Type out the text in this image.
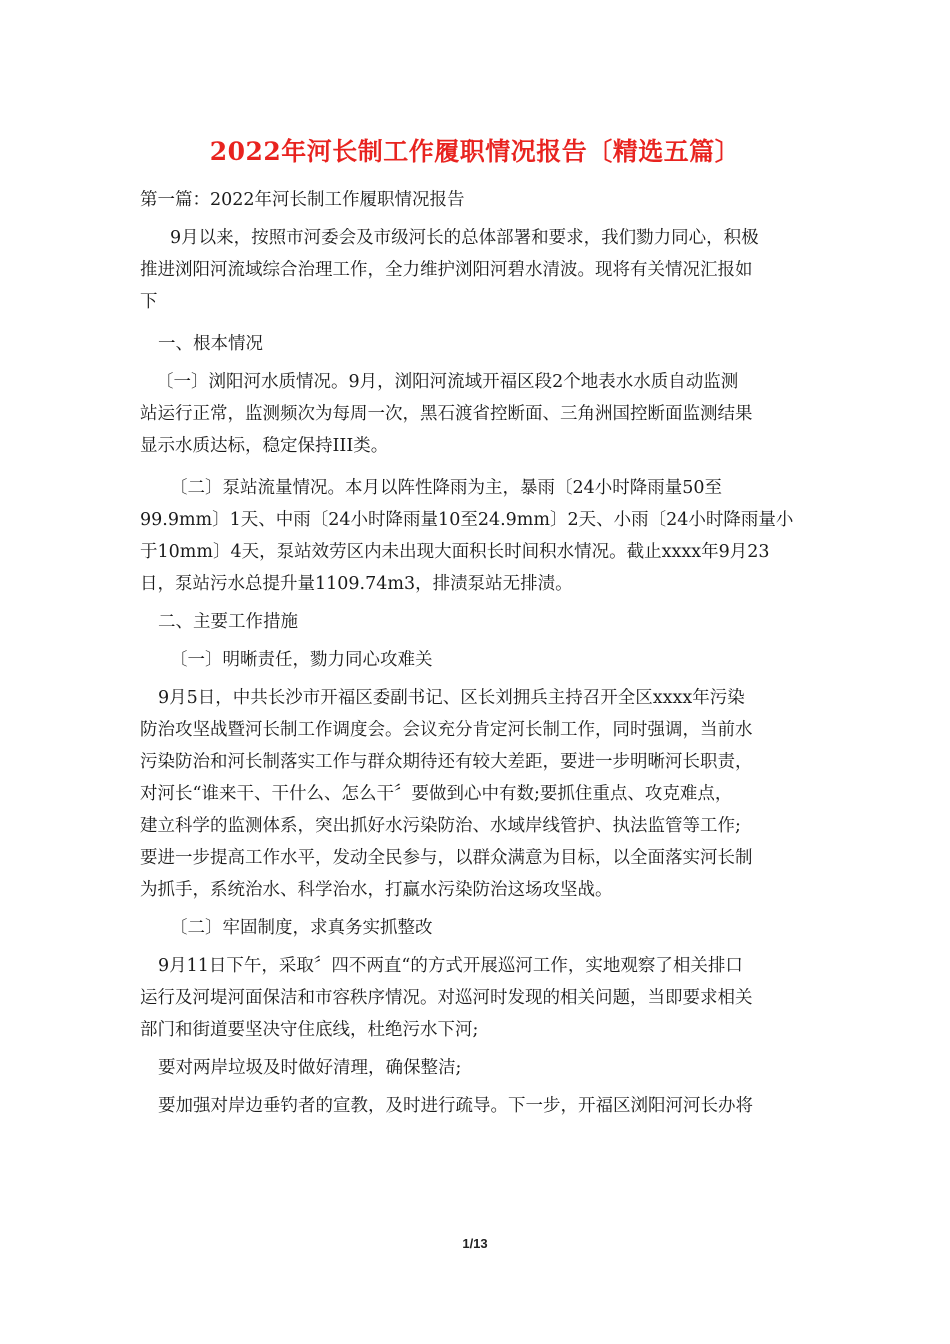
2022年河长制工作履职情况报告〔精选五篇〕
第一篇：2022年河长制工作履职情况报告
9月以来，按照市河委会及市级河长的总体部署和要求，我们勠力同心，积极
推进浏阳河流域综合治理工作，全力维护浏阳河碧水清波。现将有关情况汇报如
下
一、根本情况
〔一〕浏阳河水质情况。9月，浏阳河流域开福区段2个地表水水质自动监测
站运行正常，监测频次为每周一次，黑石渡省控断面、三角洲国控断面监测结果
显示水质达标，稳定保持III类。
〔二〕泵站流量情况。本月以阵性降雨为主，暴雨〔24小时降雨量50至
99.9mm〕1天、中雨〔24小时降雨量10至24.9mm〕2天、小雨〔24小时降雨量小
于10mm〕4天，泵站效劳区内未出现大面积长时间积水情况。截止xxxx年9月23
日，泵站污水总提升量1109.74m3，排渍泵站无排渍。
二、主要工作措施
〔一〕明晰责任，勠力同心攻难关
9月5日，中共长沙市开福区委副书记、区长刘拥兵主持召开全区xxxx年污染
防治攻坚战暨河长制工作调度会。会议充分肯定河长制工作，同时强调，当前水
污染防治和河长制落实工作与群众期待还有较大差距，要进一步明晰河长职责，
对河长“谁来干、干什么、怎么干〞要做到心中有数;要抓住重点、攻克难点，
建立科学的监测体系，突出抓好水污染防治、水域岸线管护、执法监管等工作;
要进一步提高工作水平，发动全民参与，以群众满意为目标，以全面落实河长制
为抓手，系统治水、科学治水，打赢水污染防治这场攻坚战。
〔二〕牢固制度，求真务实抓整改
9月11日下午，采取〞四不两直“的方式开展巡河工作，实地观察了相关排口
运行及河堤河面保洁和市容秩序情况。对巡河时发现的相关问题，当即要求相关
部门和街道要坚决守住底线，杜绝污水下河;
要对两岸垃圾及时做好清理，确保整洁;
要加强对岸边垂钓者的宣教，及时进行疏导。下一步，开福区浏阳河河长办将
1/13
